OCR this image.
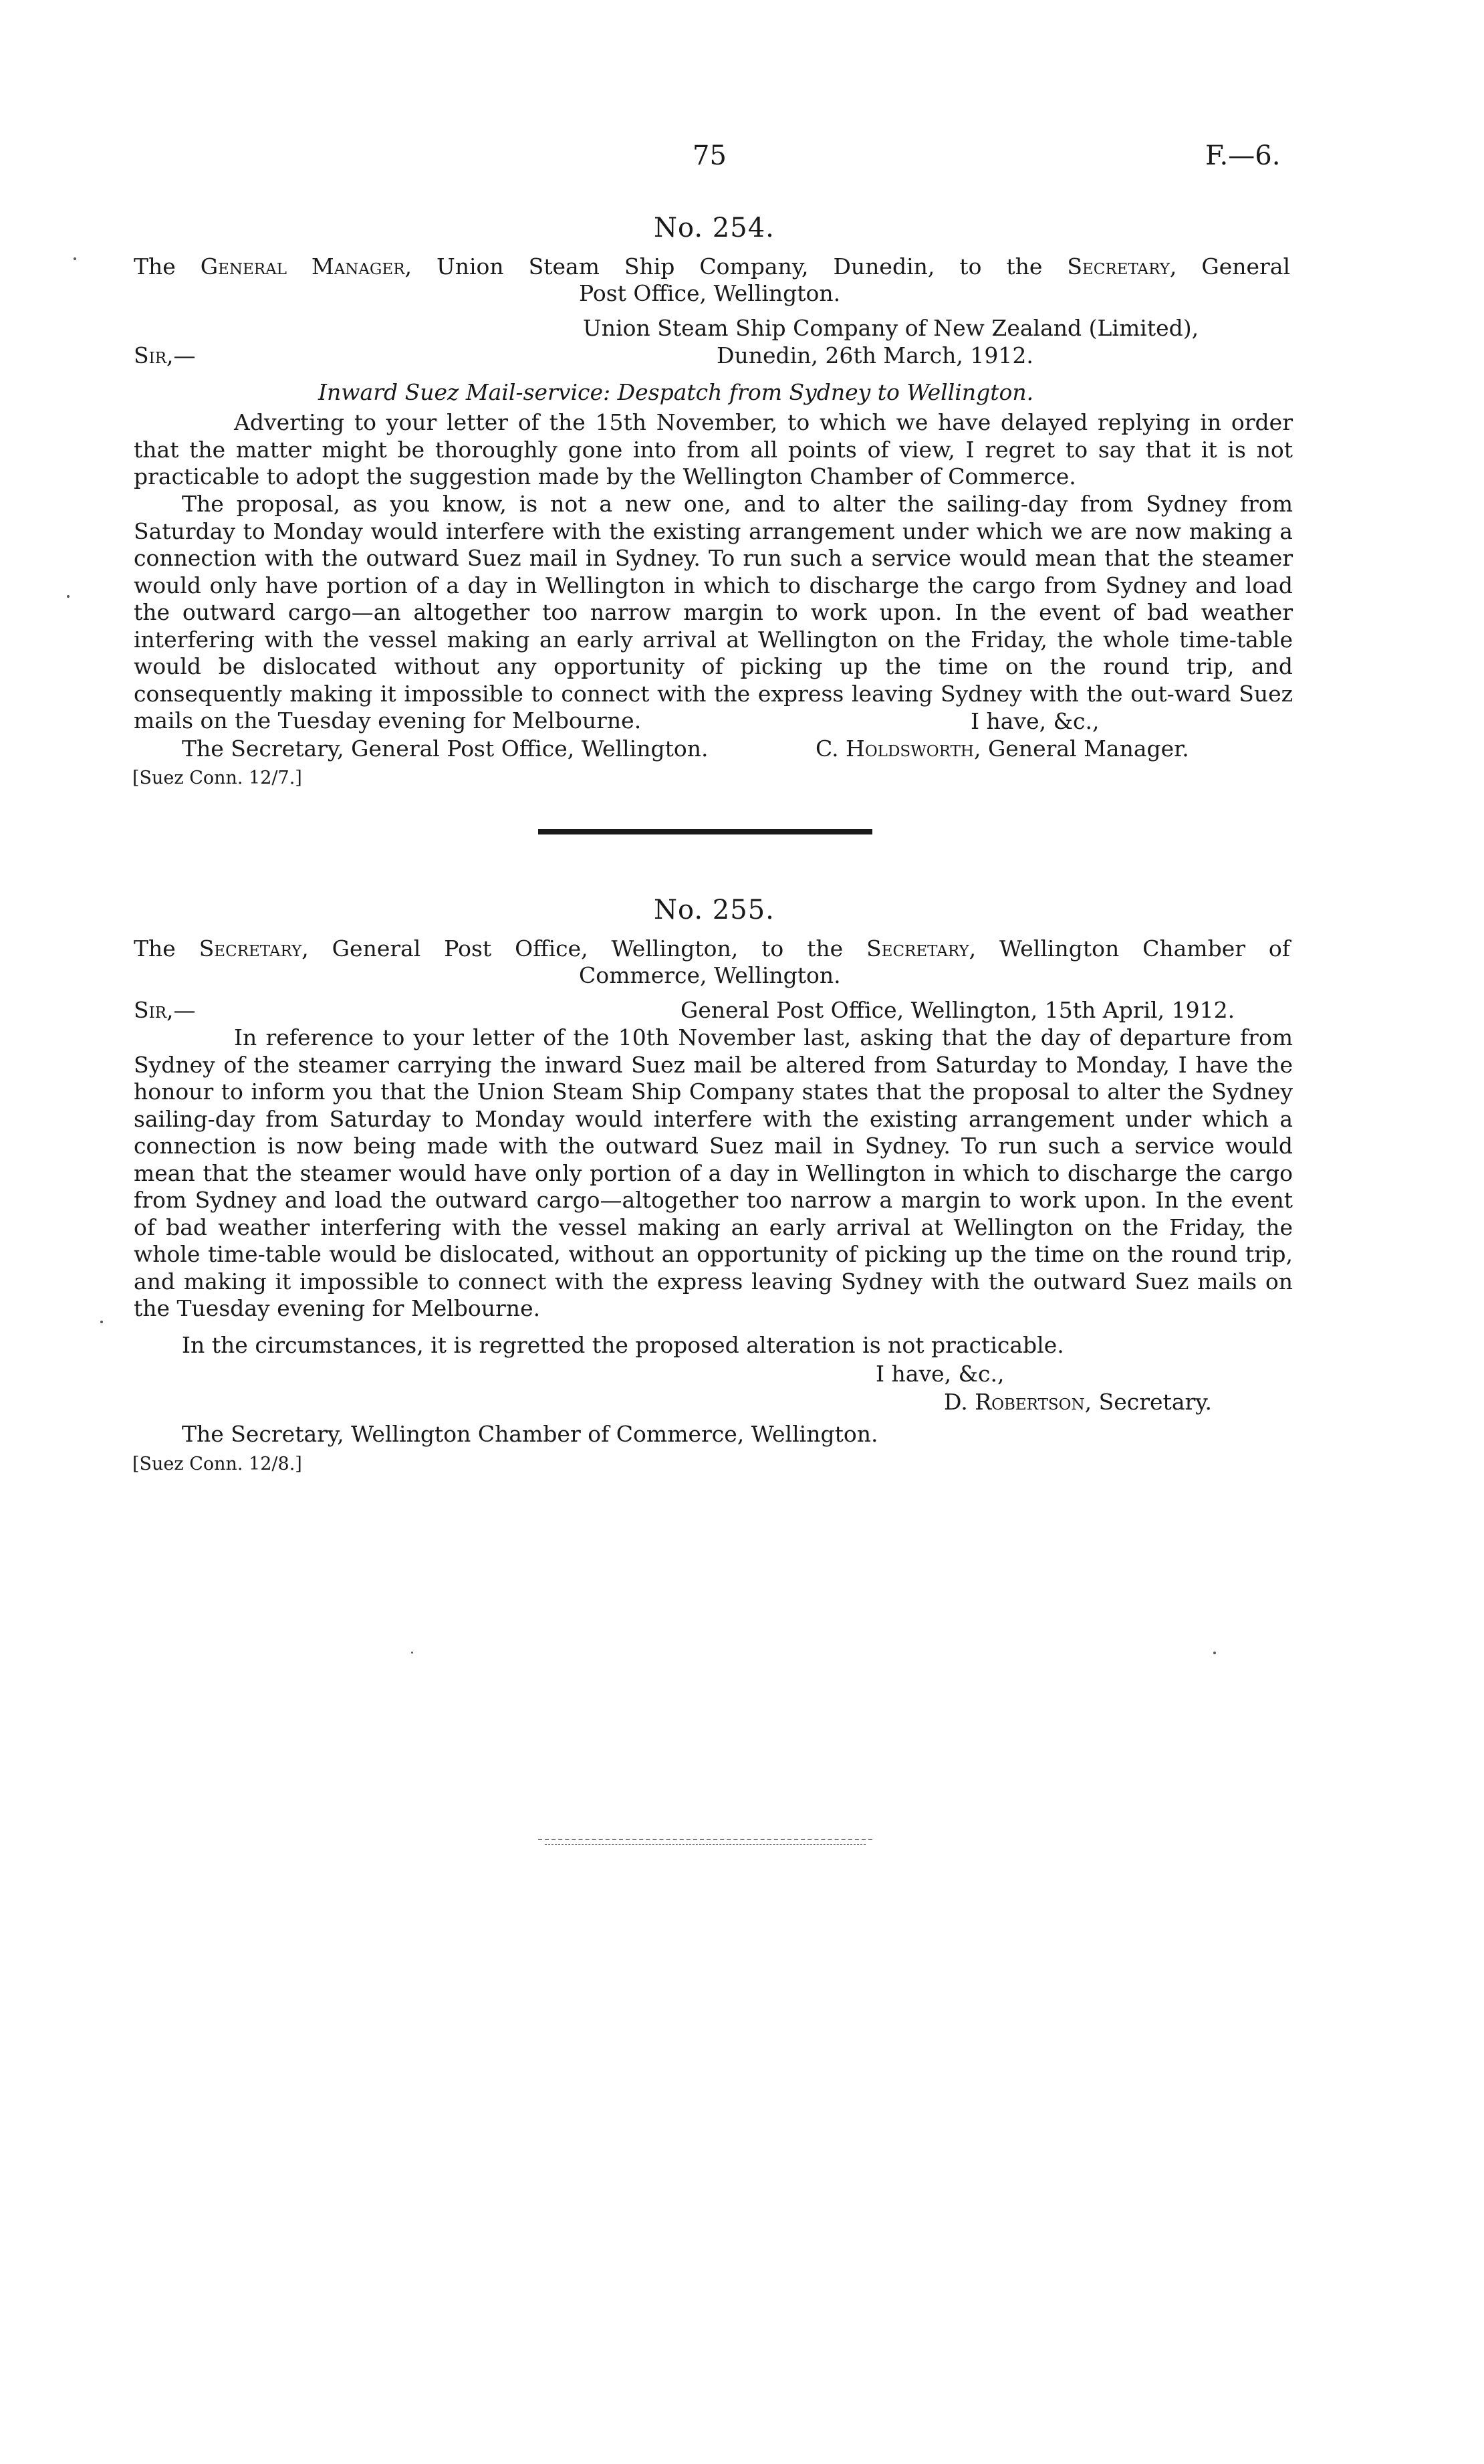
75	F.—6.
No. 254.
The General Manager, Union Steam Ship Company, Dunedin, to the Secretary, General
Post Office, Wellington.
Union Steam Ship Company of New Zealand (Limited),
Sir,—	Dunedin, 26th March, 1912.
Inward Suez Mail-service: Despatch from Sydney to Wellington.
Adverting to your letter of the 15th November, to which we have delayed replying in order that the matter might be thoroughly gone into from all points of view, I regret to say that it is not practicable to adopt the suggestion made by the Wellington Chamber of Commerce.
The proposal, as you know, is not a new one, and to alter the sailing-day from Sydney from Saturday to Monday would interfere with the existing arrangement under which we are now making a connection with the outward Suez mail in Sydney. To run such a service would mean that the steamer would only have portion of a day in Wellington in which to discharge the cargo from Sydney and load the outward cargo—an altogether too narrow margin to work upon. In the event of bad weather interfering with the vessel making an early arrival at Wellington on the Friday, the whole time-table would be dislocated without any opportunity of picking up the time on the round trip, and consequently making it impossible to connect with the express leaving Sydney with the out-ward Suez mails on the Tuesday evening for Melbourne.	I have, &c.,
The Secretary, General Post Office, Wellington.	C. Holdsworth, General Manager.
[Suez Conn. 12/7.]
No. 255.
The Secretary, General Post Office, Wellington, to the Secretary, Wellington Chamber of
Commerce, Wellington.
Sir,—	General Post Office, Wellington, 15th April, 1912.
In reference to your letter of the 10th November last, asking that the day of departure from Sydney of the steamer carrying the inward Suez mail be altered from Saturday to Monday, I have the honour to inform you that the Union Steam Ship Company states that the proposal to alter the Sydney sailing-day from Saturday to Monday would interfere with the existing arrangement under which a connection is now being made with the outward Suez mail in Sydney. To run such a service would mean that the steamer would have only portion of a day in Wellington in which to discharge the cargo from Sydney and load the outward cargo—altogether too narrow a margin to work upon. In the event of bad weather interfering with the vessel making an early arrival at Wellington on the Friday, the whole time-table would be dislocated, without an opportunity of picking up the time on the round trip, and making it impossible to connect with the express leaving Sydney with the outward Suez mails on the Tuesday evening for Melbourne.
In the circumstances, it is regretted the proposed alteration is not practicable.
I have, &c.,
D. Robertson, Secretary.
The Secretary, Wellington Chamber of Commerce, Wellington.
[Suez Conn. 12/8.]
